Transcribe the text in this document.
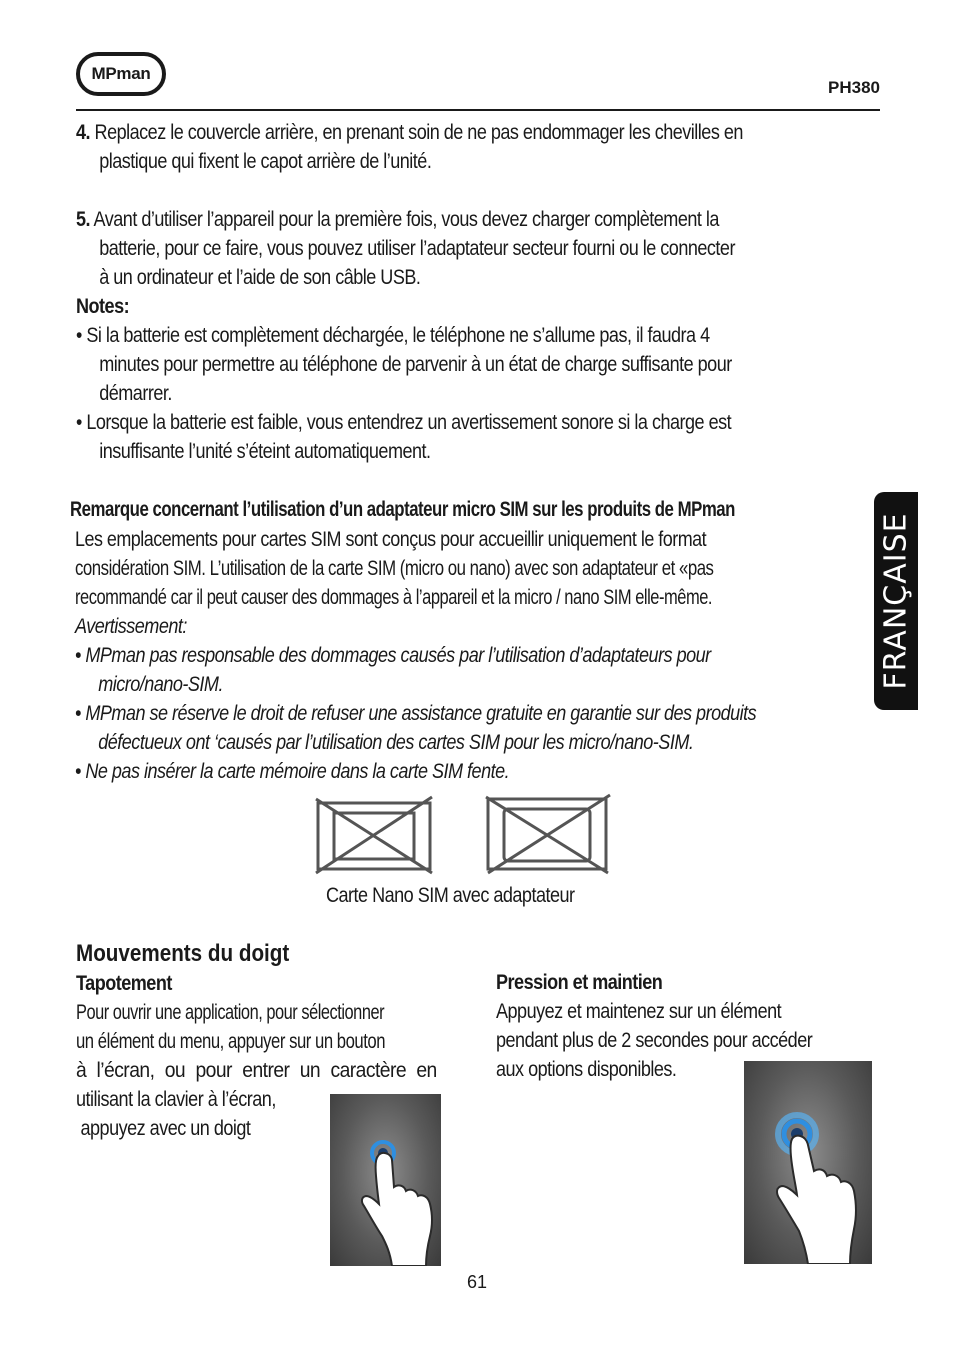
MPman
PH380
4. Replacez le couvercle arrière, en prenant soin de ne pas endommager les chevilles en
plastique qui fixent le capot arrière de l’unité.
5. Avant d’utiliser l’appareil pour la première fois, vous devez charger complètement la
batterie, pour ce faire, vous pouvez utiliser l’adaptateur secteur fourni ou le connecter
à un ordinateur et l’aide de son câble USB.
Notes:
• Si la batterie est complètement déchargée, le téléphone ne s’allume pas, il faudra 4
minutes pour permettre au téléphone de parvenir à un état de charge suffisante pour
démarrer.
• Lorsque la batterie est faible, vous entendrez un avertissement sonore si la charge est
insuffisante l’unité s’éteint automatiquement.
Remarque concernant l’utilisation d’un adaptateur micro SIM sur les produits de MPman
Les emplacements pour cartes SIM sont conçus pour accueillir uniquement le format
considération SIM. L’utilisation de la carte SIM (micro ou nano) avec son adaptateur et «pas
recommandé car il peut causer des dommages à l’appareil et la micro / nano SIM elle-même.
Avertissement:
• MPman pas responsable des dommages causés par l’utilisation d’adaptateurs pour
micro/nano-SIM.
• MPman se réserve le droit de refuser une assistance gratuite en garantie sur des produits
défectueux ont ‘causés par l’utilisation des cartes SIM pour les micro/nano-SIM.
• Ne pas insérer la carte mémoire dans la carte SIM fente.
FRANÇAISE
Carte Nano SIM avec adaptateur
Mouvements du doigt
Tapotement
Pour ouvrir une application, pour sélectionner
un élément du menu, appuyer sur un bouton
à l’écran, ou pour entrer un caractère en
utilisant la clavier à l’écran,
appuyez avec un doigt
Pression et maintien
Appuyez et maintenez sur un élément
pendant plus de 2 secondes pour accéder
aux options disponibles.
61
